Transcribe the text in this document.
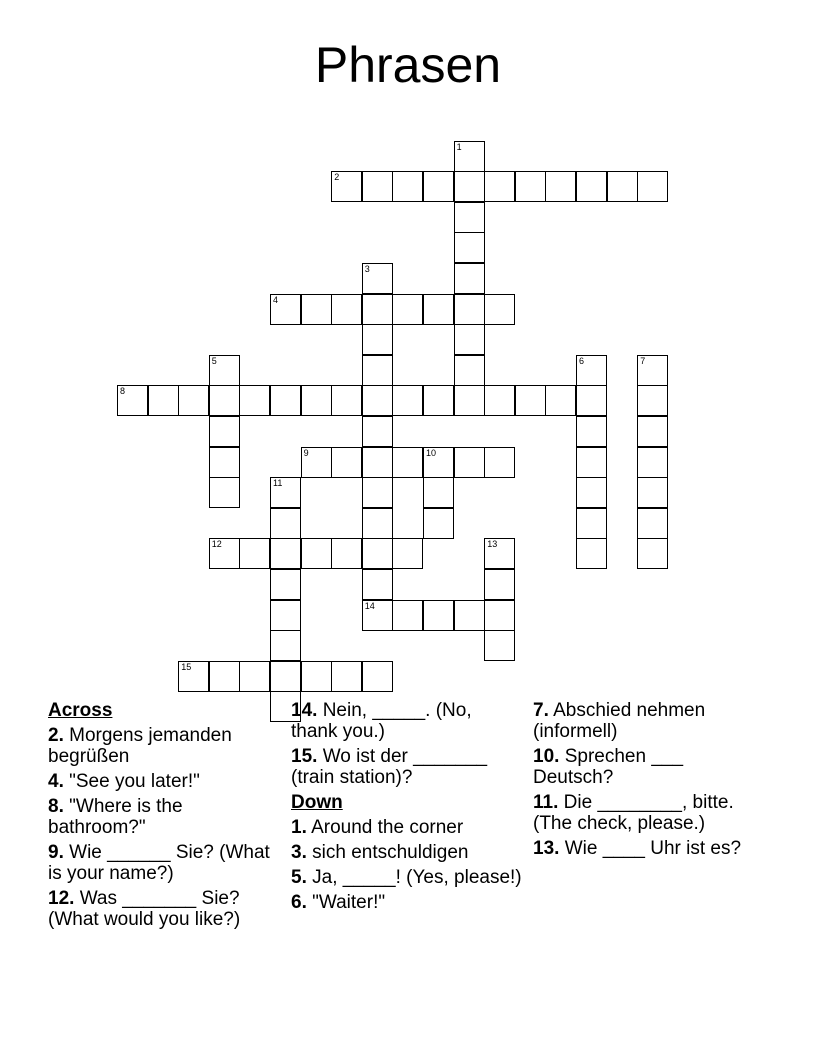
Phrasen
1
2
3
4
5	6	7
8
9	10
11
12	13
14
15
Across
2. Morgens jemanden begrüßen
4. "See you later!"
8. "Where is the bathroom?"
9. Wie ______ Sie? (What is your name?)
12. Was _______ Sie? (What would you like?)
14. Nein, _____. (No, thank you.)
15. Wo ist der _______ (train station)?
Down
1. Around the corner
3. sich entschuldigen
5. Ja, _____! (Yes, please!)
6. "Waiter!"
7. Abschied nehmen (informell)
10. Sprechen ___ Deutsch?
11. Die ________, bitte. (The check, please.)
13. Wie ____ Uhr ist es?
